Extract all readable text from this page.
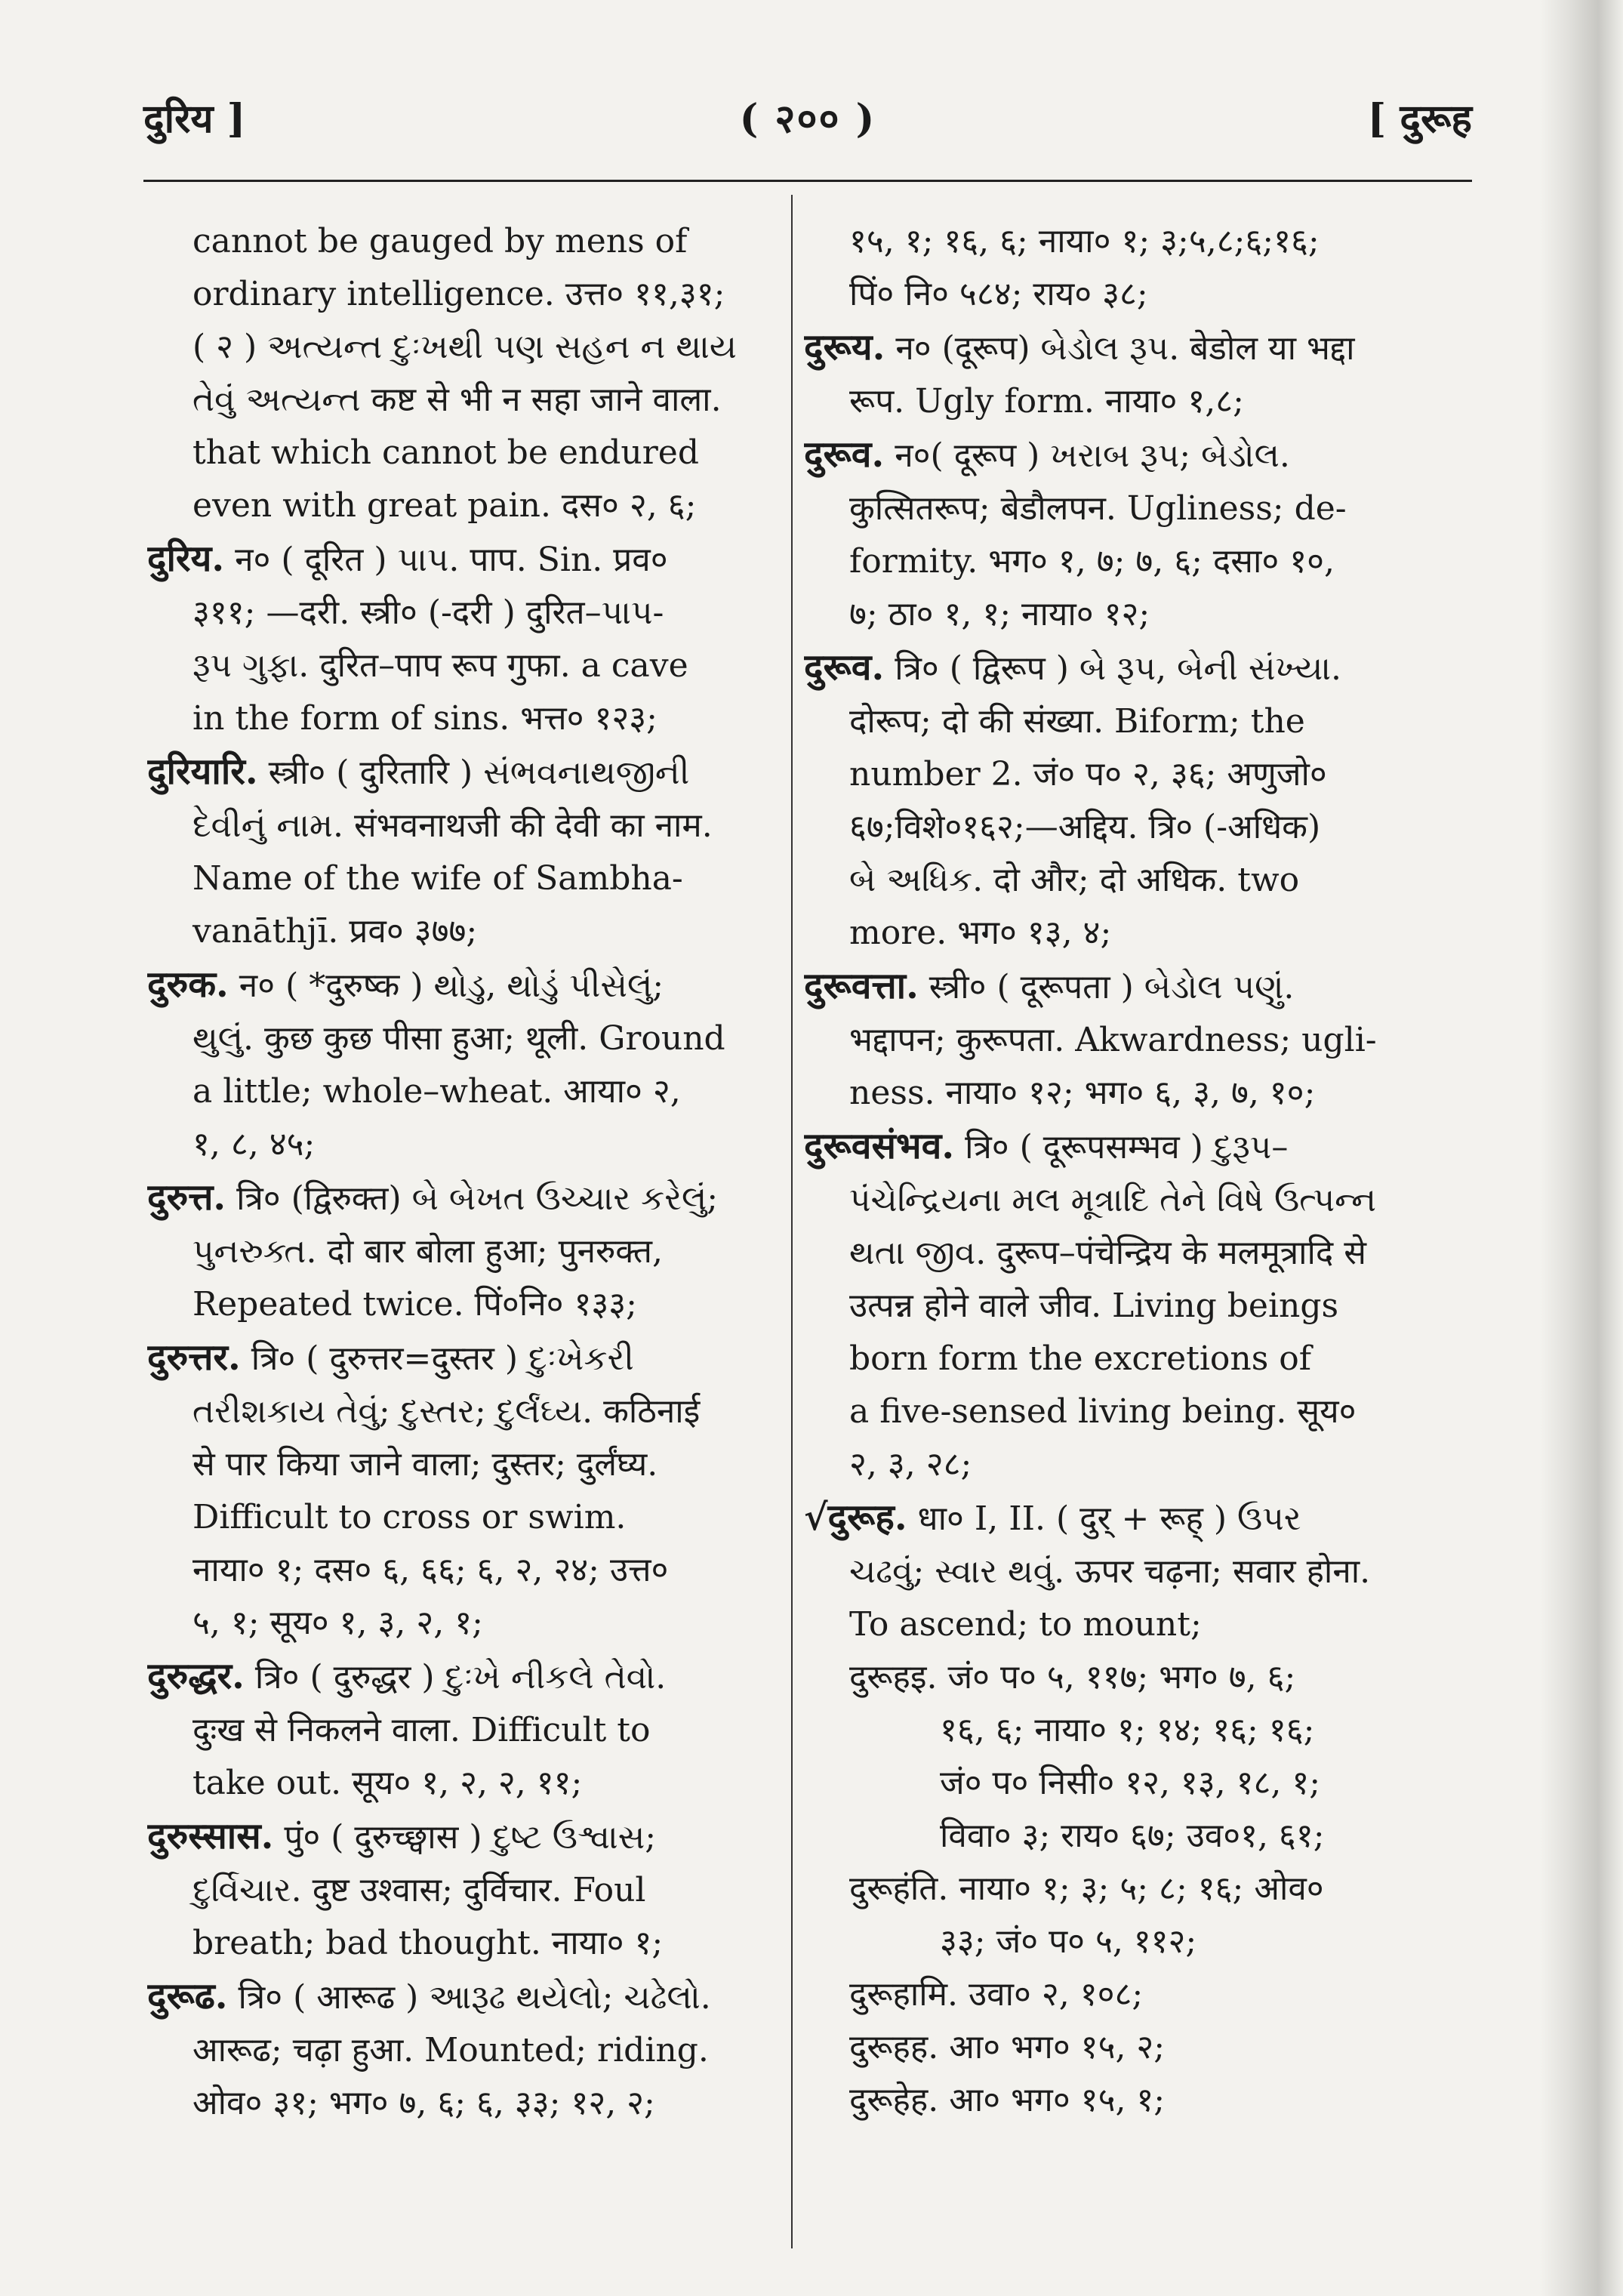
दुरिय ]	( २०० )	[ दुरूह
cannot be gauged by mens of
ordinary intelligence. उत्त० ११,३१;
( २ ) અત્યન્ત દુઃખથી પણ સહન ન થાય
તેવું અત્યન્ત कष्ट से भी न सहा जाने वाला.
that which cannot be endured
even with great pain. दस० २, ६;
दुरिय. न० ( दूरित ) પાપ. पाप. Sin. प्रव०
३११; —दरी. स्त्री० (-दरी ) दुरित–પાપ-
રૂપ ગુફા. दुरित–पाप रूप गुफा. a cave
in the form of sins. भत्त० १२३;
दुरियारि. स्त्री० ( दुरितारि ) સંભવનાથજીની
દેવીનું નામ. संभवनाथजी की देवी का नाम.
Name of the wife of Sambha-
vanāthjī. प्रव० ३७७;
दुरुक. न० ( *दुरुष्क ) થોડુ, થોડું પીસેલું;
થુલું. कुछ कुछ पीसा हुआ; थूली. Ground
a little; whole–wheat. आया० २,
१, ८, ४५;
दुरुत्त. त्रि० (द्विरुक्त) બે બેખત ઉચ્ચાર કરેલું;
પુનરુક્ત. दो बार बोला हुआ; पुनरुक्त,
Repeated twice. पिं०नि० १३३;
दुरुत्तर. त्रि० ( दुरुत्तर=दुस्तर ) દુઃખેકરી
તરીશકાય તેવું; દુસ્તર; દુર્લંઘ્ય. कठिनाई
से पार किया जाने वाला; दुस्तर; दुर्लंघ्य.
Difficult to cross or swim.
नाया० १; दस० ६, ६६; ६, २, २४; उत्त०
५, १; सूय० १, ३, २, १;
दुरुद्धर. त्रि० ( दुरुद्धर ) દુઃખે નીકલે તેવો.
दुःख से निकलने वाला. Difficult to
take out. सूय० १, २, २, ११;
दुरुस्सास. पुं० ( दुरुच्छ्वास ) દુષ્ટ ઉશ્વાસ;
દુર્વિચાર. दुष्ट उश्वास; दुर्विचार. Foul
breath; bad thought. नाया० १;
दुरूढ. त्रि० ( आरूढ ) આરૂઢ થયેલો; ચઢેલો.
आरूढ; चढ़ा हुआ. Mounted; riding.
ओव० ३१; भग० ७, ६; ६, ३३; १२, २;
१५, १; १६, ६; नाया० १; ३;५,८;६;१६;
पिं० नि० ५८४; राय० ३८;
दुरूय. न० (दूरूप) બેડોલ રૂપ. बेडोल या भद्दा
रूप. Ugly form. नाया० १,८;
दुरूव. न०( दूरूप ) ખરાબ રૂપ; બેડોલ.
कुत्सितरूप; बेडौलपन. Ugliness; de-
formity. भग० १, ७; ७, ६; दसा० १०,
७; ठा० १, १; नाया० १२;
दुरूव. त्रि० ( द्विरूप ) બે રૂપ, બેની સંખ્યા.
दोरूप; दो की संख्या. Biform; the
number 2. जं० प० २, ३६; अणुजो०
६७;विशे०१६२;—अद्दिय. त्रि० (-अधिक)
બે અધિક. दो और; दो अधिक. two
more. भग० १३, ४;
दुरूवत्ता. स्त्री० ( दूरूपता ) બેડોલ પણું.
भद्दापन; कुरूपता. Akwardness; ugli-
ness. नाया० १२; भग० ६, ३, ७, १०;
दुरूवसंभव. त्रि० ( दूरूपसम्भव ) દુરૂપ–
પંચેન્દ્રિયના મલ મૂત્રાદિ તેને વિષે ઉત્પન્ન
થતા જીવ. दुरूप–पंचेन्द्रिय के मलमूत्रादि से
उत्पन्न होने वाले जीव. Living beings
born form the excretions of
a five-sensed living being. सूय०
२, ३, २८;
√दुरूह. धा० I, II. ( दुर् + रूह् ) ઉપર
ચઢવું; સ્વાર થવું. ऊपर चढ़ना; सवार होना.
To ascend; to mount;
दुरूहइ. जं० प० ५, ११७; भग० ७, ६;
१६, ६; नाया० १; १४; १६; १६;
जं० प० निसी० १२, १३, १८, १;
विवा० ३; राय० ६७; उव०१, ६१;
दुरूहंति. नाया० १; ३; ५; ८; १६; ओव०
३३; जं० प० ५, ११२;
दुरूहामि. उवा० २, १०८;
दुरूहह. आ० भग० १५, २;
दुरूहेह. आ० भग० १५, १;
